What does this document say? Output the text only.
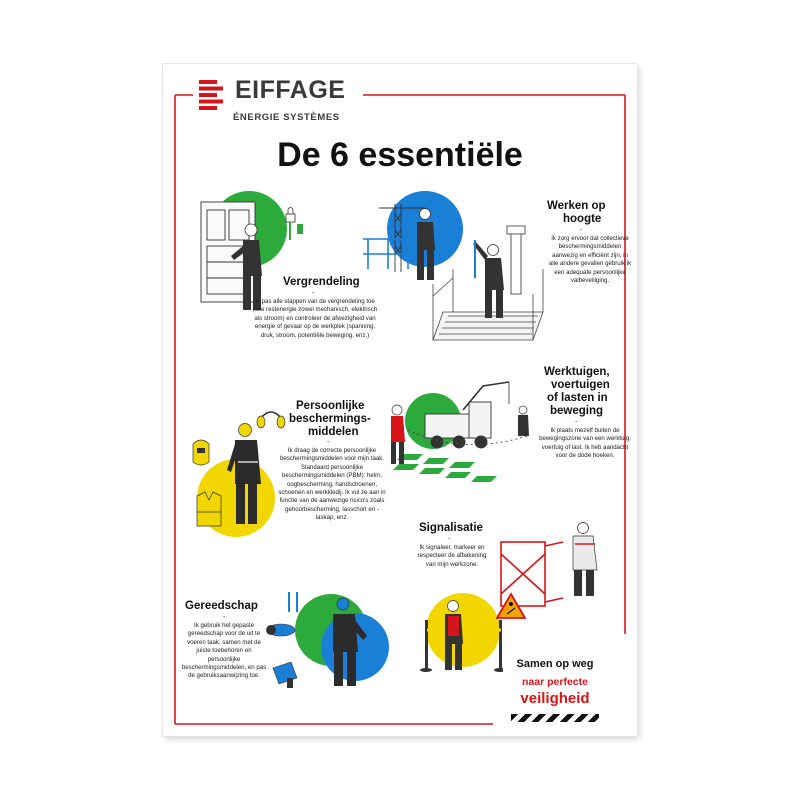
EIFFAGE
ÉNERGIE SYSTÈMES
De 6 essentiële
Vergrendeling
-
Ik pas alle stappen van de vergrendeling toe (alle restenergie zowel mechanisch, elektrisch als stroom) en controleer de afwezigheid van energie of gevaar op de werkplek (spanning, druk, stroom, potentiële beweging, enz.)
Werken op
hoogte
-
Ik zorg ervoor dat collectieve beschermingsmiddelen aanwezig en efficiënt zijn, in alle andere gevallen gebruik ik een adequate persoonlijke valbeveiliging.
Persoonlijke
beschermings-
middelen
-
Ik draag de correcte persoonlijke beschermingsmiddelen voor mijn taak. Standaard persoonlijke beschermingsmiddelen (PBM): helm, oogbescherming, handschoenen, schoenen en werkkledij. Ik vul ze aan in functie van de aanwezige risico's zoals gehoorbescherming, lasschort en -laskap, enz.
Werktuigen,
voertuigen
of lasten in
beweging
-
Ik plaats mezelf buiten de bewegingszone van een werktuig, voertuig of last. Ik heb aandacht voor de dode hoeken.
Signalisatie
-
Ik signaleer, markeer en respecteer de afbakening van mijn werkzone.
Gereedschap
-
Ik gebruik het gepaste gereedschap voor de uit te voeren taak, samen met de juiste toebehoren en persoonlijke beschermingsmiddelen, en pas de gebruiksaanwijzing toe.
Samen op weg
naar perfecte
veiligheid
